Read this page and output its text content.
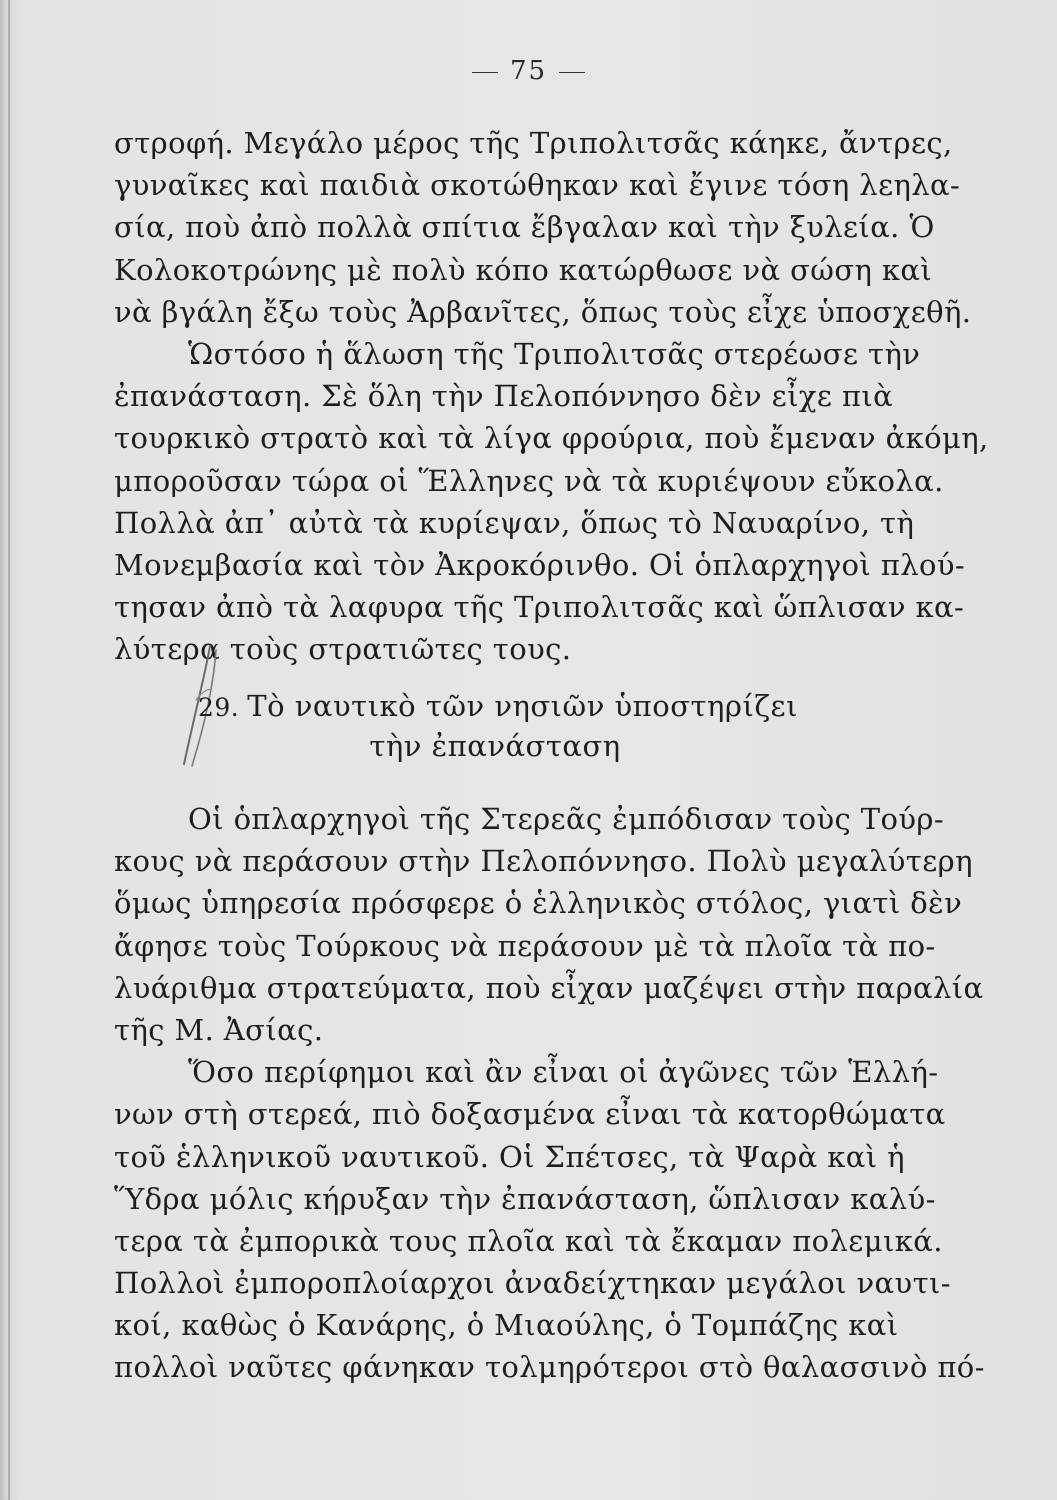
75
στροφή. Μεγάλο μέρος τῆς Τριπολιτσᾶς κάηκε, ἄντρες,
γυναῖκες καὶ παιδιὰ σκοτώθηκαν καὶ ἔγινε τόση λεηλα-
σία, ποὺ ἀπὸ πολλὰ σπίτια ἔβγαλαν καὶ τὴν ξυλεία. Ὁ
Κολοκοτρώνης μὲ πολὺ κόπο κατώρθωσε νὰ σώση καὶ
νὰ βγάλη ἔξω τοὺς Ἀρβανῖτες, ὅπως τοὺς εἶχε ὑποσχεθῆ.
Ὡστόσο ἡ ἅλωση τῆς Τριπολιτσᾶς στερέωσε τὴν
ἐπανάσταση. Σὲ ὅλη τὴν Πελοπόννησο δὲν εἶχε πιὰ
τουρκικὸ στρατὸ καὶ τὰ λίγα φρούρια, ποὺ ἔμεναν ἀκόμη,
μποροῦσαν τώρα οἱ Ἕλληνες νὰ τὰ κυριέψουν εὔκολα.
Πολλὰ ἀπ᾿ αὐτὰ τὰ κυρίεψαν, ὅπως τὸ Ναυαρίνο, τὴ
Μονεμβασία καὶ τὸν Ἀκροκόρινθο. Οἱ ὁπλαρχηγοὶ πλού-
τησαν ἀπὸ τὰ λαφυρα τῆς Τριπολιτσᾶς καὶ ὥπλισαν κα-
λύτερα τοὺς στρατιῶτες τους.
29. Τὸ ναυτικὸ τῶν νησιῶν ὑποστηρίζει
τὴν ἐπανάσταση
Οἱ ὁπλαρχηγοὶ τῆς Στερεᾶς ἐμπόδισαν τοὺς Τούρ-
κους νὰ περάσουν στὴν Πελοπόννησο. Πολὺ μεγαλύτερη
ὅμως ὑπηρεσία πρόσφερε ὁ ἑλληνικὸς στόλος, γιατὶ δὲν
ἄφησε τοὺς Τούρκους νὰ περάσουν μὲ τὰ πλοῖα τὰ πο-
λυάριθμα στρατεύματα, ποὺ εἶχαν μαζέψει στὴν παραλία
τῆς Μ. Ἀσίας.
Ὅσο περίφημοι καὶ ἂν εἶναι οἱ ἀγῶνες τῶν Ἑλλή-
νων στὴ στερεά, πιὸ δοξασμένα εἶναι τὰ κατορθώματα
τοῦ ἑλληνικοῦ ναυτικοῦ. Οἱ Σπέτσες, τὰ Ψαρὰ καὶ ἡ
Ὕδρα μόλις κήρυξαν τὴν ἐπανάσταση, ὥπλισαν καλύ-
τερα τὰ ἐμπορικὰ τους πλοῖα καὶ τὰ ἔκαμαν πολεμικά.
Πολλοὶ ἐμποροπλοίαρχοι ἀναδείχτηκαν μεγάλοι ναυτι-
κοί, καθὼς ὁ Κανάρης, ὁ Μιαούλης, ὁ Τομπάζης καὶ
πολλοὶ ναῦτες φάνηκαν τολμηρότεροι στὸ θαλασσινὸ πό-
